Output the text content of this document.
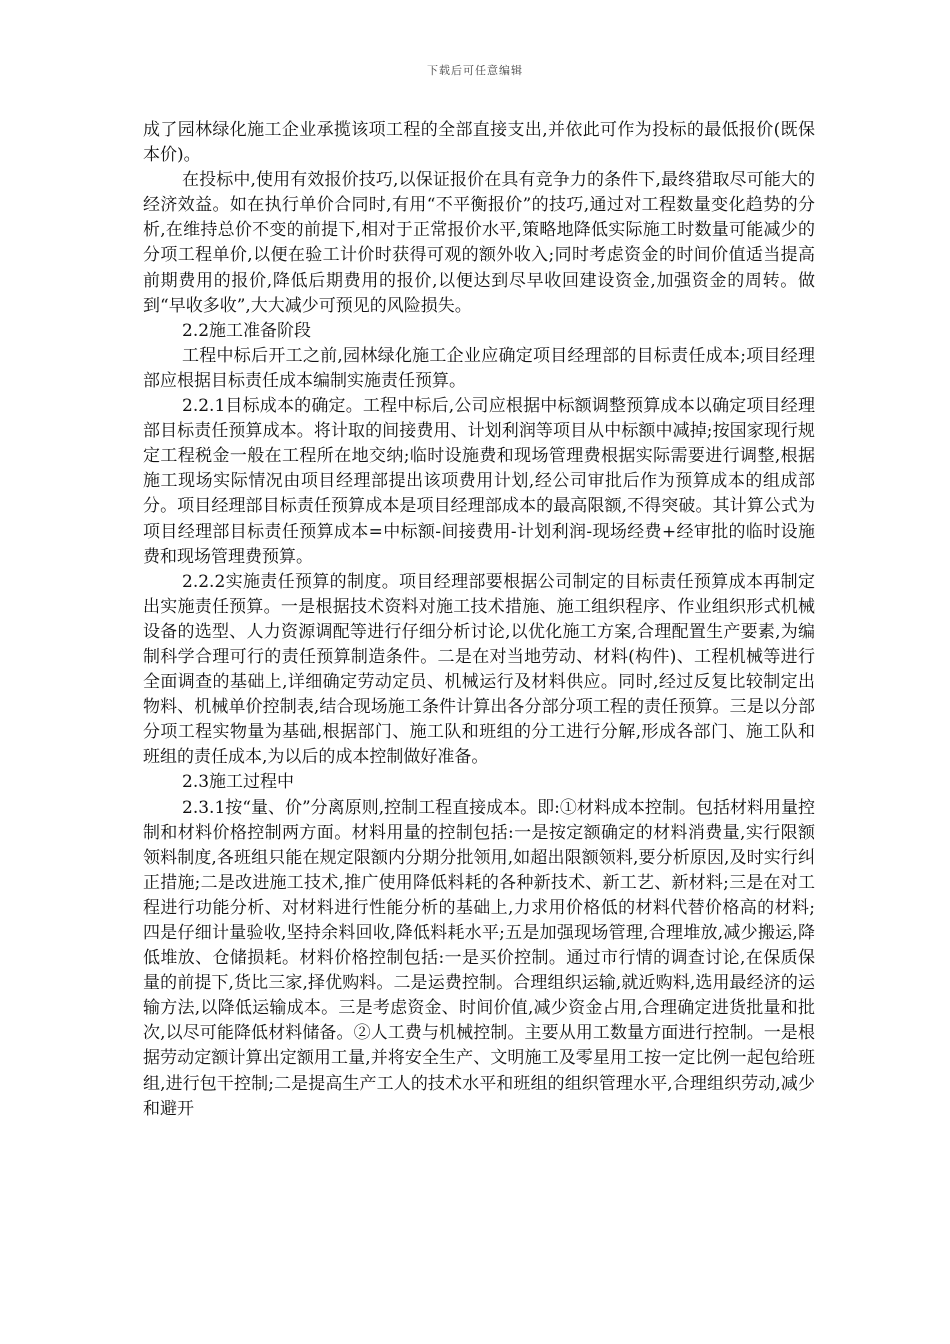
下载后可任意编辑

成了园林绿化施工企业承揽该项工程的全部直接支出,并依此可作为投标的最低报价(既保本价)。

在投标中,使用有效报价技巧,以保证报价在具有竞争力的条件下,最终猎取尽可能大的经济效益。如在执行单价合同时,有用“不平衡报价”的技巧,通过对工程数量变化趋势的分析,在维持总价不变的前提下,相对于正常报价水平,策略地降低实际施工时数量可能减少的分项工程单价,以便在验工计价时获得可观的额外收入;同时考虑资金的时间价值适当提高前期费用的报价,降低后期费用的报价,以便达到尽早收回建设资金,加强资金的周转。做到“早收多收”,大大减少可预见的风险损失。

2.2施工准备阶段

工程中标后开工之前,园林绿化施工企业应确定项目经理部的目标责任成本;项目经理部应根据目标责任成本编制实施责任预算。

2.2.1目标成本的确定。工程中标后,公司应根据中标额调整预算成本以确定项目经理部目标责任预算成本。将计取的间接费用、计划利润等项目从中标额中减掉;按国家现行规定工程税金一般在工程所在地交纳;临时设施费和现场管理费根据实际需要进行调整,根据施工现场实际情况由项目经理部提出该项费用计划,经公司审批后作为预算成本的组成部分。项目经理部目标责任预算成本是项目经理部成本的最高限额,不得突破。其计算公式为项目经理部目标责任预算成本=中标额-间接费用-计划利润-现场经费+经审批的临时设施费和现场管理费预算。

2.2.2实施责任预算的制度。项目经理部要根据公司制定的目标责任预算成本再制定出实施责任预算。一是根据技术资料对施工技术措施、施工组织程序、作业组织形式机械设备的选型、人力资源调配等进行仔细分析讨论,以优化施工方案,合理配置生产要素,为编制科学合理可行的责任预算制造条件。二是在对当地劳动、材料(构件)、工程机械等进行全面调查的基础上,详细确定劳动定员、机械运行及材料供应。同时,经过反复比较制定出物料、机械单价控制表,结合现场施工条件计算出各分部分项工程的责任预算。三是以分部分项工程实物量为基础,根据部门、施工队和班组的分工进行分解,形成各部门、施工队和班组的责任成本,为以后的成本控制做好准备。

2.3施工过程中

2.3.1按“量、价”分离原则,控制工程直接成本。即:①材料成本控制。包括材料用量控制和材料价格控制两方面。材料用量的控制包括:一是按定额确定的材料消费量,实行限额领料制度,各班组只能在规定限额内分期分批领用,如超出限额领料,要分析原因,及时实行纠正措施;二是改进施工技术,推广使用降低料耗的各种新技术、新工艺、新材料;三是在对工程进行功能分析、对材料进行性能分析的基础上,力求用价格低的材料代替价格高的材料;四是仔细计量验收,坚持余料回收,降低料耗水平;五是加强现场管理,合理堆放,减少搬运,降低堆放、仓储损耗。材料价格控制包括:一是买价控制。通过市行情的调查讨论,在保质保量的前提下,货比三家,择优购料。二是运费控制。合理组织运输,就近购料,选用最经济的运输方法,以降低运输成本。三是考虑资金、时间价值,减少资金占用,合理确定进货批量和批次,以尽可能降低材料储备。②人工费与机械控制。主要从用工数量方面进行控制。一是根据劳动定额计算出定额用工量,并将安全生产、文明施工及零星用工按一定比例一起包给班组,进行包干控制;二是提高生产工人的技术水平和班组的组织管理水平,合理组织劳动,减少和避开
